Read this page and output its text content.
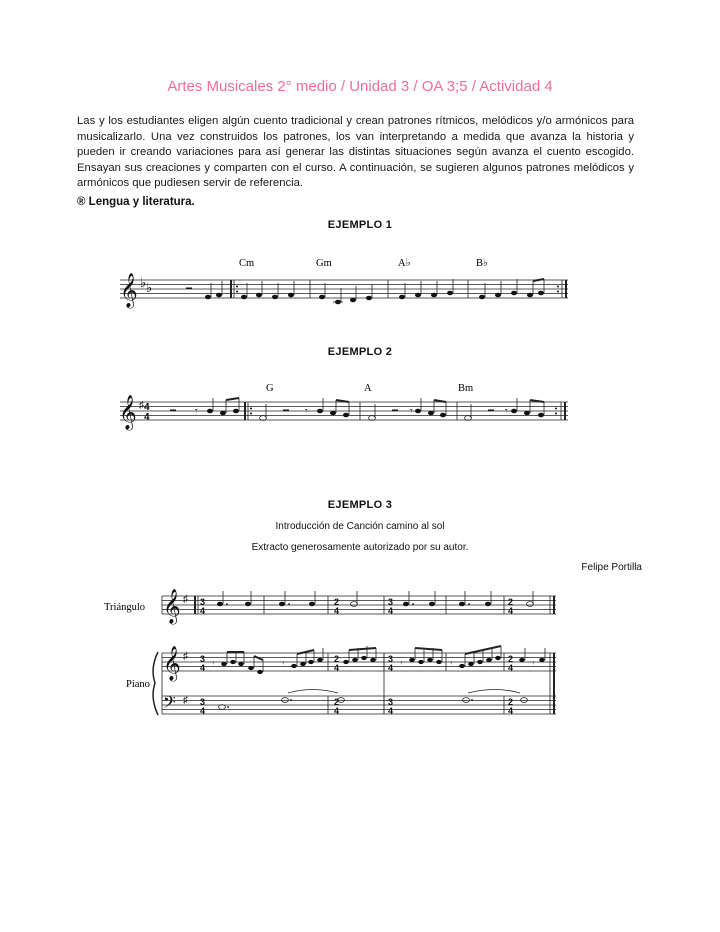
Artes Musicales 2° medio / Unidad 3 / OA 3;5 / Actividad 4
Las y los estudiantes eligen algún cuento tradicional y crean patrones rítmicos, melódicos y/o armónicos para musicalizarlo. Una vez construidos los patrones, los van interpretando a medida que avanza la historia y pueden ir creando variaciones para así generar las distintas situaciones según avanza el cuento escogido. Ensayan sus creaciones y comparten con el curso. A continuación, se sugieren algunos patrones melódicos y armónicos que pudiesen servir de referencia.
® Lengua y literatura.
EJEMPLO 1
EJEMPLO 2
EJEMPLO 3
Introducción de Canción camino al sol
Extracto generosamente autorizado por su autor.
Felipe Portilla
𝄞 ♭ ♭
𝄞 ♯ 4
4
𝄾	𝄾	𝄾	𝄾
𝄞 ♯ 3
4
2
4
3
4
2
4
𝄞 ♯ 3
4 𝄾	𝄾	2
4
3
4 𝄾	𝄾	2
4 𝄾
𝄢 ♯ 3
4
2
4
3
4
2
4
Cm	Gm	A♭	B♭
G	A	Bm
Triángulo
Piano
